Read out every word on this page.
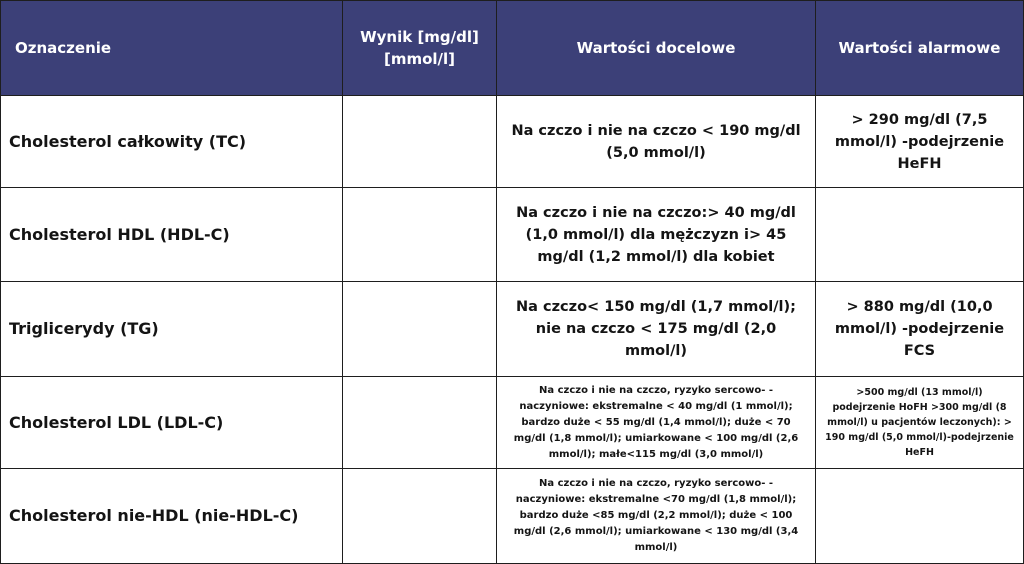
Oznaczenie	Wynik [mg/dl] [mmol/l]	Wartości docelowe	Wartości alarmowe
Cholesterol całkowity (TC)		Na czczo i nie na czczo < 190 mg/dl (5,0 mmol/l)	> 290 mg/dl (7,5 mmol/l) -podejrzenie HeFH
Cholesterol HDL (HDL-C)		Na czczo i nie na czczo:> 40 mg/dl (1,0 mmol/l) dla mężczyzn i> 45 mg/dl (1,2 mmol/l) dla kobiet	
Triglicerydy (TG)		Na czczo< 150 mg/dl (1,7 mmol/l); nie na czczo < 175 mg/dl (2,0 mmol/l)	> 880 mg/dl (10,0 mmol/l) -podejrzenie FCS
Cholesterol LDL (LDL-C)		Na czczo i nie na czczo, ryzyko sercowo- -naczyniowe: ekstremalne < 40 mg/dl (1 mmol/l); bardzo duże < 55 mg/dl (1,4 mmol/l); duże < 70 mg/dl (1,8 mmol/l); umiarkowane < 100 mg/dl (2,6 mmol/l); małe<115 mg/dl (3,0 mmol/l)	>500 mg/dl (13 mmol/l) podejrzenie HoFH >300 mg/dl (8 mmol/l) u pacjentów leczonych): > 190 mg/dl (5,0 mmol/l)-podejrzenie HeFH
Cholesterol nie-HDL (nie-HDL-C)		Na czczo i nie na czczo, ryzyko sercowo- -naczyniowe: ekstremalne <70 mg/dl (1,8 mmol/l); bardzo duże <85 mg/dl (2,2 mmol/l); duże < 100 mg/dl (2,6 mmol/l); umiarkowane < 130 mg/dl (3,4 mmol/l)	
